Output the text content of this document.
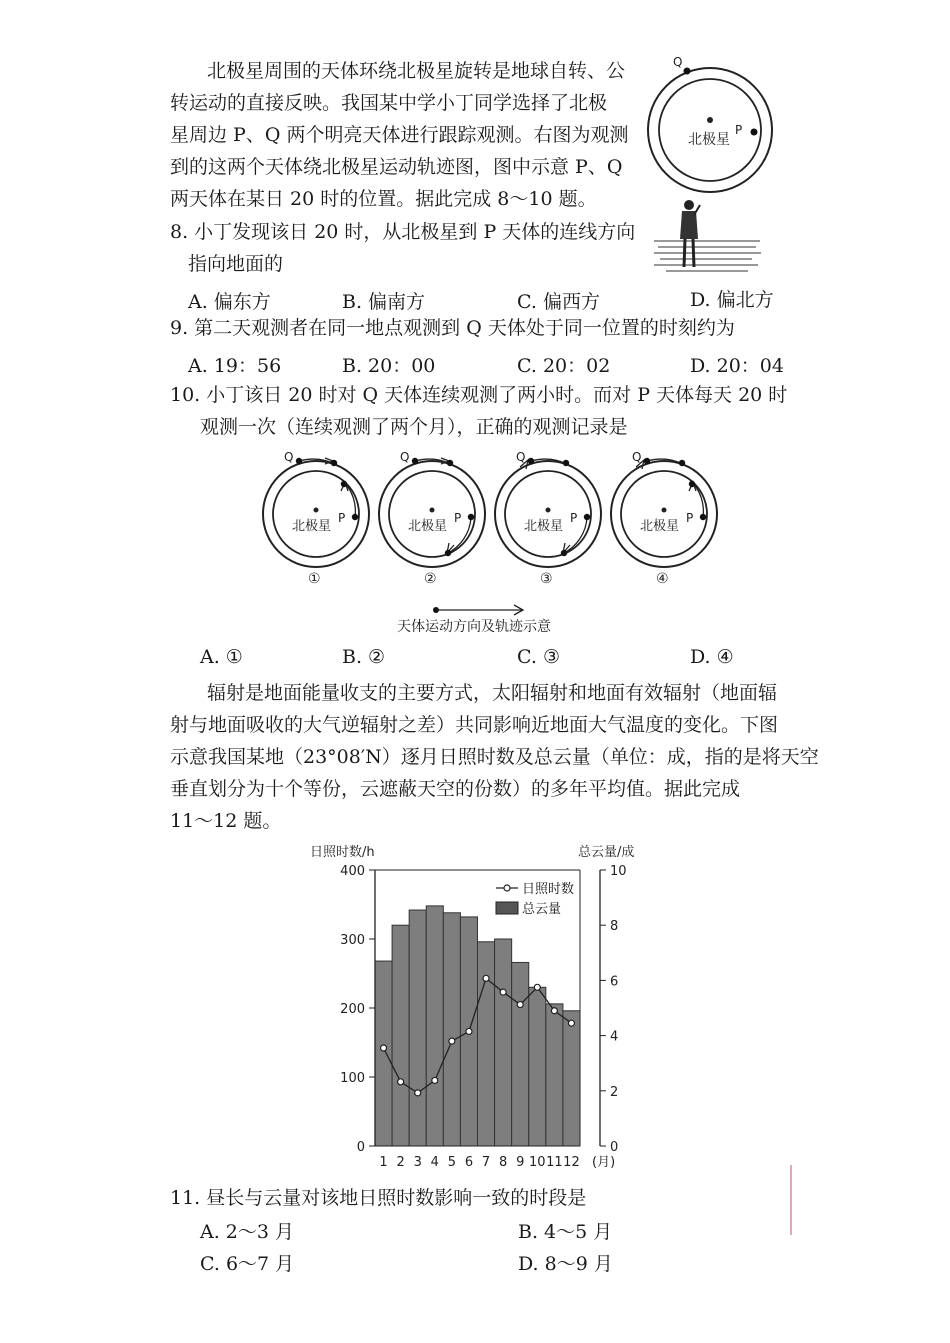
北极星周围的天体环绕北极星旋转是地球自转、公
转运动的直接反映。我国某中学小丁同学选择了北极
星周边 P、Q 两个明亮天体进行跟踪观测。右图为观测
到的这两个天体绕北极星运动轨迹图，图中示意 P、Q
两天体在某日 20 时的位置。据此完成 8～10 题。
北极星
Q
P
8. 小丁发现该日 20 时，从北极星到 P 天体的连线方向
指向地面的
A. 偏东方	B. 偏南方	C. 偏西方	D. 偏北方
9. 第二天观测者在同一地点观测到 Q 天体处于同一位置的时刻约为
A. 19：56	B. 20：00	C. 20：02	D. 20：04
10. 小丁该日 20 时对 Q 天体连续观测了两小时。而对 P 天体每天 20 时
观测一次（连续观测了两个月），正确的观测记录是
北极星
P
Q
①
北极星
P
Q
②
北极星
P
Q
③
北极星
P
Q
④
天体运动方向及轨迹示意
A. ①	B. ②	C. ③	D. ④
辐射是地面能量收支的主要方式，太阳辐射和地面有效辐射（地面辐
射与地面吸收的大气逆辐射之差）共同影响近地面大气温度的变化。下图
示意我国某地（23°08′N）逐月日照时数及总云量（单位：成，指的是将天空
垂直划分为十个等份，云遮蔽天空的份数）的多年平均值。据此完成
11～12 题。
0
100
200
300
400
0
2
4
6
8
10
1 2 3 4 5 6 7 8 9 10 11 12 (月)
日照时数/h	总云量/成
日照时数
总云量
11. 昼长与云量对该地日照时数影响一致的时段是
A. 2～3 月	B. 4～5 月
C. 6～7 月	D. 8～9 月
